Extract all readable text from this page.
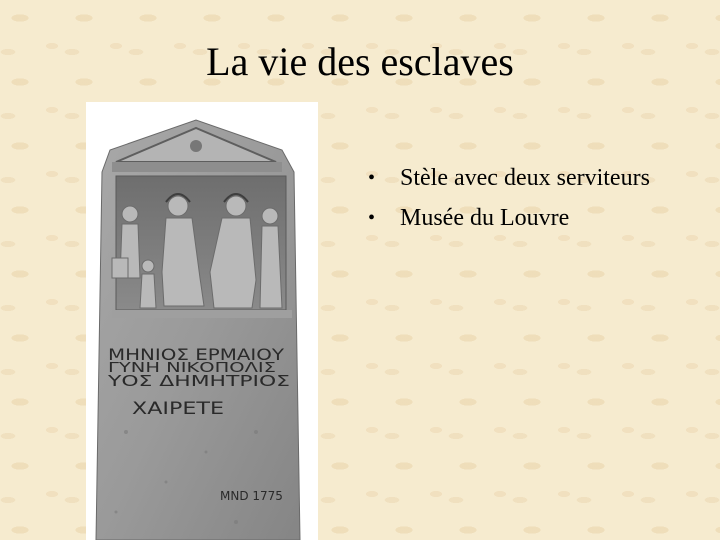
La vie des esclaves
ΜΗΝΙΟΣ ΕΡΜΑΙΟΥ
ΓΥΝΗ ΝΙΚΟΠΟΛΙΣ
ΥΟΣ ΔΗΜΗΤΡΙΟΣ
ΧΑΙΡΕΤΕ
MND 1775
• Stèle avec deux serviteurs
• Musée du Louvre
